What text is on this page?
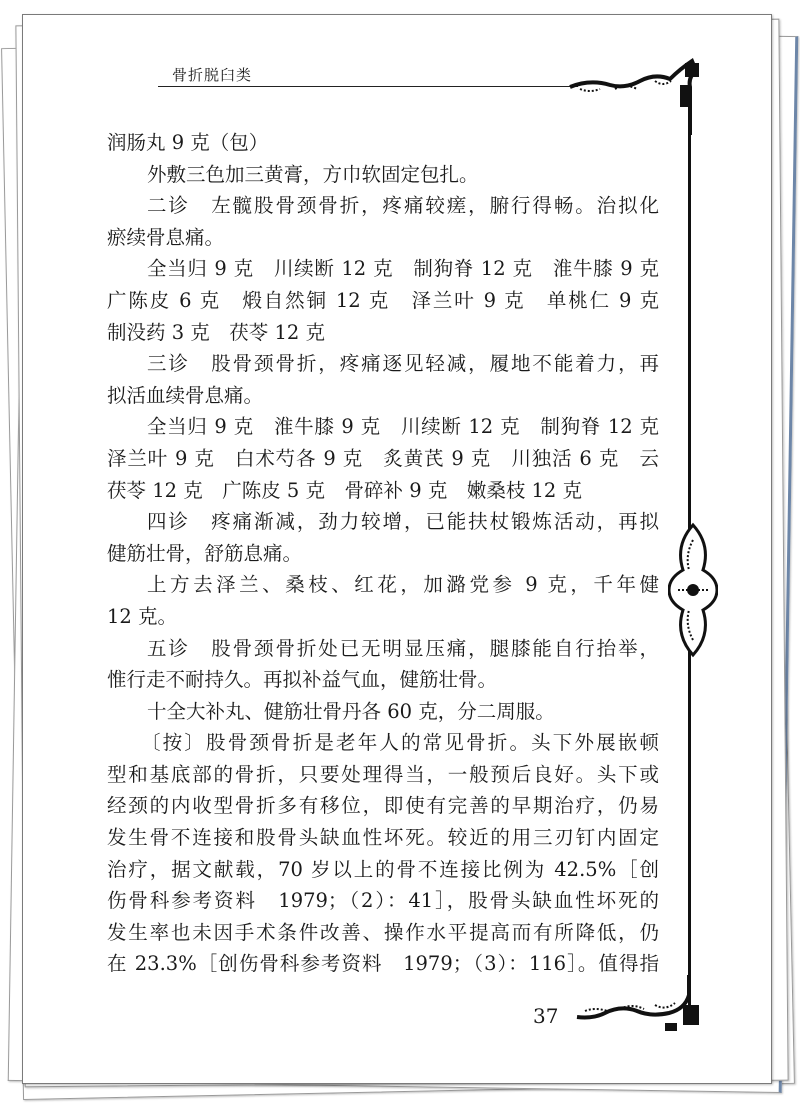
骨折脱臼类
润肠丸 9 克（包）
外敷三色加三黄膏，方巾软固定包扎。
二诊　左髋股骨颈骨折，疼痛较瘥，腑行得畅。治拟化
瘀续骨息痛。
全当归 9 克　川续断 12 克　制狗脊 12 克　淮牛膝 9 克
广陈皮 6 克　煅自然铜 12 克　泽兰叶 9 克　单桃仁 9 克
制没药 3 克　茯苓 12 克
三诊　股骨颈骨折，疼痛逐见轻减，履地不能着力，再
拟活血续骨息痛。
全当归 9 克　淮牛膝 9 克　川续断 12 克　制狗脊 12 克
泽兰叶 9 克　白术芍各 9 克　炙黄芪 9 克　川独活 6 克　云
茯苓 12 克　广陈皮 5 克　骨碎补 9 克　嫩桑枝 12 克
四诊　疼痛渐减，劲力较增，已能扶杖锻炼活动，再拟
健筋壮骨，舒筋息痛。
上方去泽兰、桑枝、红花，加潞党参 9 克，千年健
12 克。
五诊　股骨颈骨折处已无明显压痛，腿膝能自行抬举，
惟行走不耐持久。再拟补益气血，健筋壮骨。
十全大补丸、健筋壮骨丹各 60 克，分二周服。
〔按〕股骨颈骨折是老年人的常见骨折。头下外展嵌顿
型和基底部的骨折，只要处理得当，一般预后良好。头下或
经颈的内收型骨折多有移位，即使有完善的早期治疗，仍易
发生骨不连接和股骨头缺血性坏死。较近的用三刃钉内固定
治疗，据文献载，70 岁以上的骨不连接比例为 42.5%［创
伤骨科参考资料　1979；（2）：41］，股骨头缺血性坏死的
发生率也未因手术条件改善、操作水平提高而有所降低，仍
在 23.3%［创伤骨科参考资料　1979；（3）：116］。值得指
37
